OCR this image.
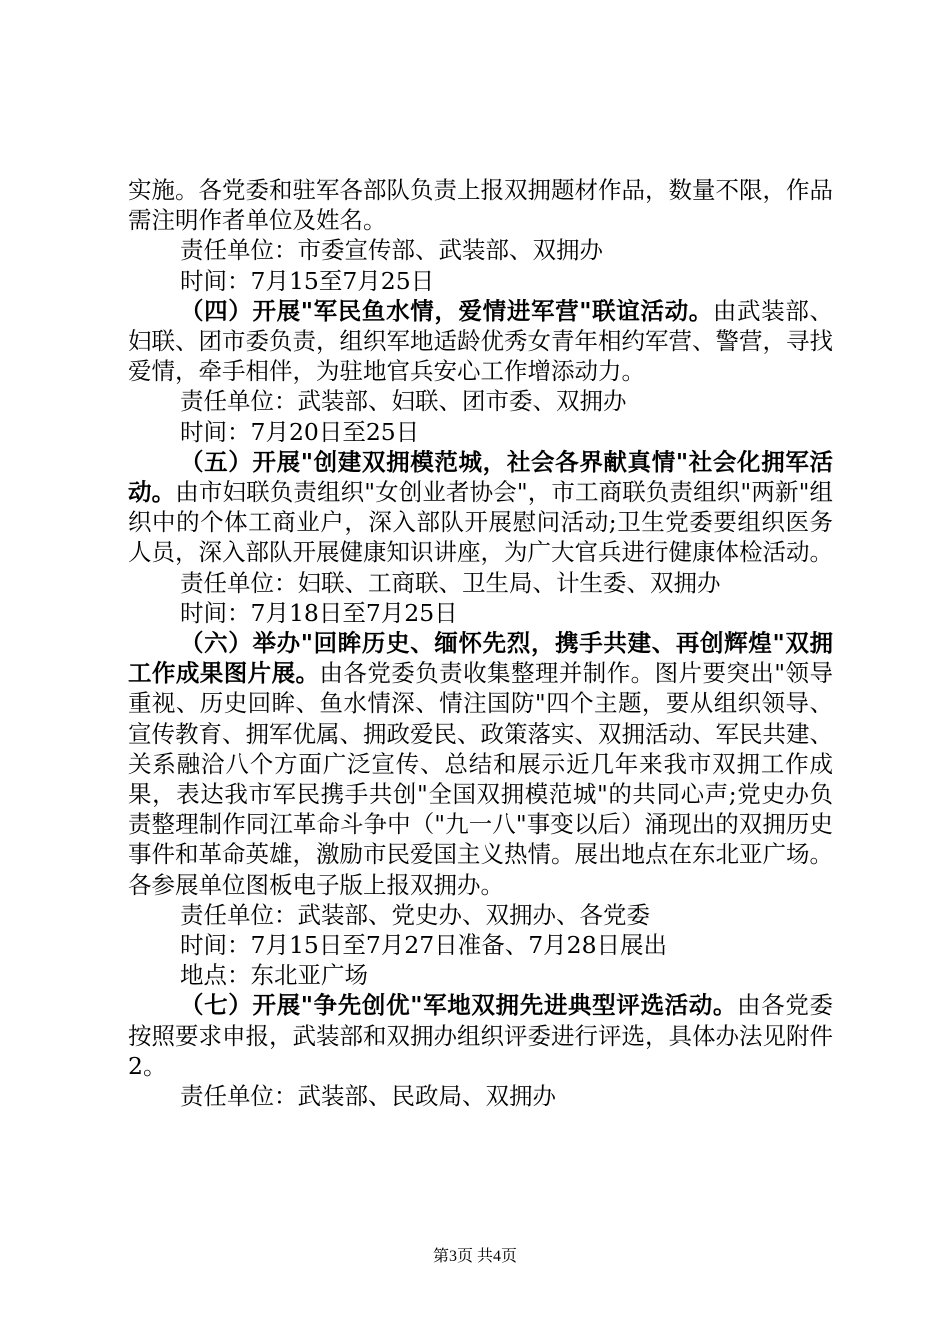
实施。各党委和驻军各部队负责上报双拥题材作品，数量不限，作品需注明作者单位及姓名。

责任单位：市委宣传部、武装部、双拥办

时间：7月15至7月25日

（四）开展"军民鱼水情，爱情进军营"联谊活动。由武装部、妇联、团市委负责，组织军地适龄优秀女青年相约军营、警营，寻找爱情，牵手相伴，为驻地官兵安心工作增添动力。

责任单位：武装部、妇联、团市委、双拥办

时间：7月20日至25日

（五）开展"创建双拥模范城，社会各界献真情"社会化拥军活动。由市妇联负责组织"女创业者协会"，市工商联负责组织"两新"组织中的个体工商业户，深入部队开展慰问活动;卫生党委要组织医务人员，深入部队开展健康知识讲座，为广大官兵进行健康体检活动。

责任单位：妇联、工商联、卫生局、计生委、双拥办

时间：7月18日至7月25日

（六）举办"回眸历史、缅怀先烈，携手共建、再创辉煌"双拥工作成果图片展。由各党委负责收集整理并制作。图片要突出"领导重视、历史回眸、鱼水情深、情注国防"四个主题，要从组织领导、宣传教育、拥军优属、拥政爱民、政策落实、双拥活动、军民共建、关系融洽八个方面广泛宣传、总结和展示近几年来我市双拥工作成果，表达我市军民携手共创"全国双拥模范城"的共同心声;党史办负责整理制作同江革命斗争中（"九一八"事变以后）涌现出的双拥历史事件和革命英雄，激励市民爱国主义热情。展出地点在东北亚广场。各参展单位图板电子版上报双拥办。

责任单位：武装部、党史办、双拥办、各党委

时间：7月15日至7月27日准备、7月28日展出

地点：东北亚广场

（七）开展"争先创优"军地双拥先进典型评选活动。由各党委按照要求申报，武装部和双拥办组织评委进行评选，具体办法见附件2。

责任单位：武装部、民政局、双拥办

第3页 共4页
